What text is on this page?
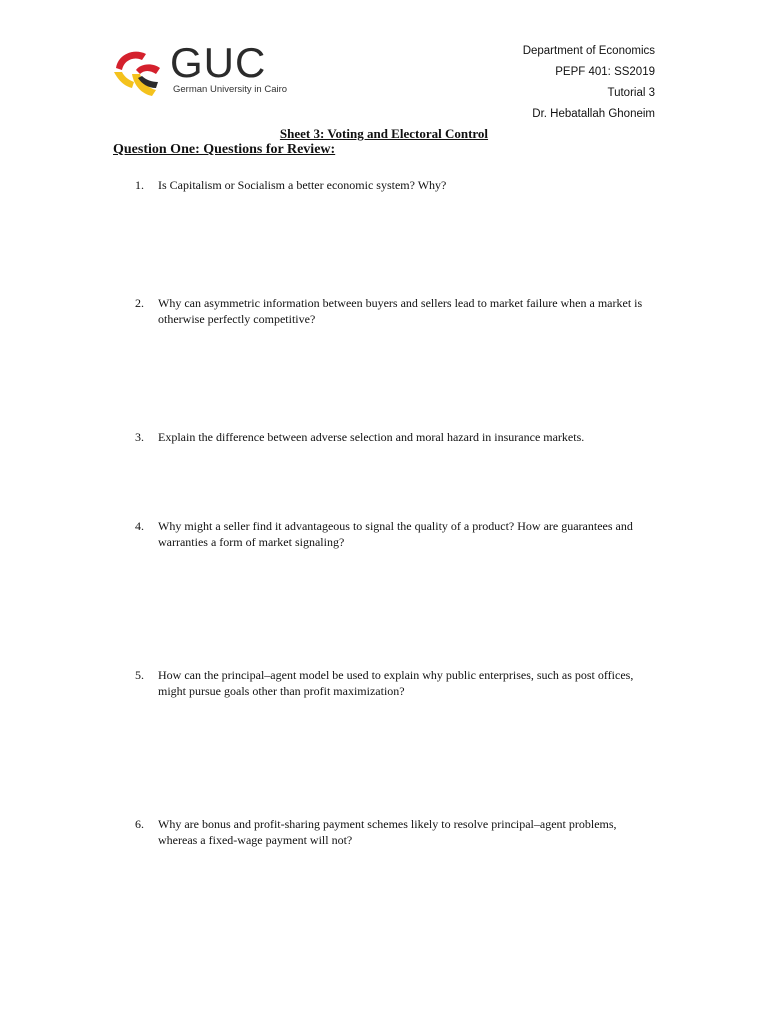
GUC
German University in Cairo
Department of Economics
PEPF 401: SS2019
Tutorial 3
Dr. Hebatallah Ghoneim
Sheet 3: Voting and Electoral Control
Question One: Questions for Review:
1. Is Capitalism or Socialism a better economic system? Why?
2. Why can asymmetric information between buyers and sellers lead to market failure when a market is otherwise perfectly competitive?
3. Explain the difference between adverse selection and moral hazard in insurance markets.
4. Why might a seller find it advantageous to signal the quality of a product? How are guarantees and warranties a form of market signaling?
5. How can the principal–agent model be used to explain why public enterprises, such as post offices, might pursue goals other than profit maximization?
6. Why are bonus and profit-sharing payment schemes likely to resolve principal–agent problems, whereas a fixed-wage payment will not?
